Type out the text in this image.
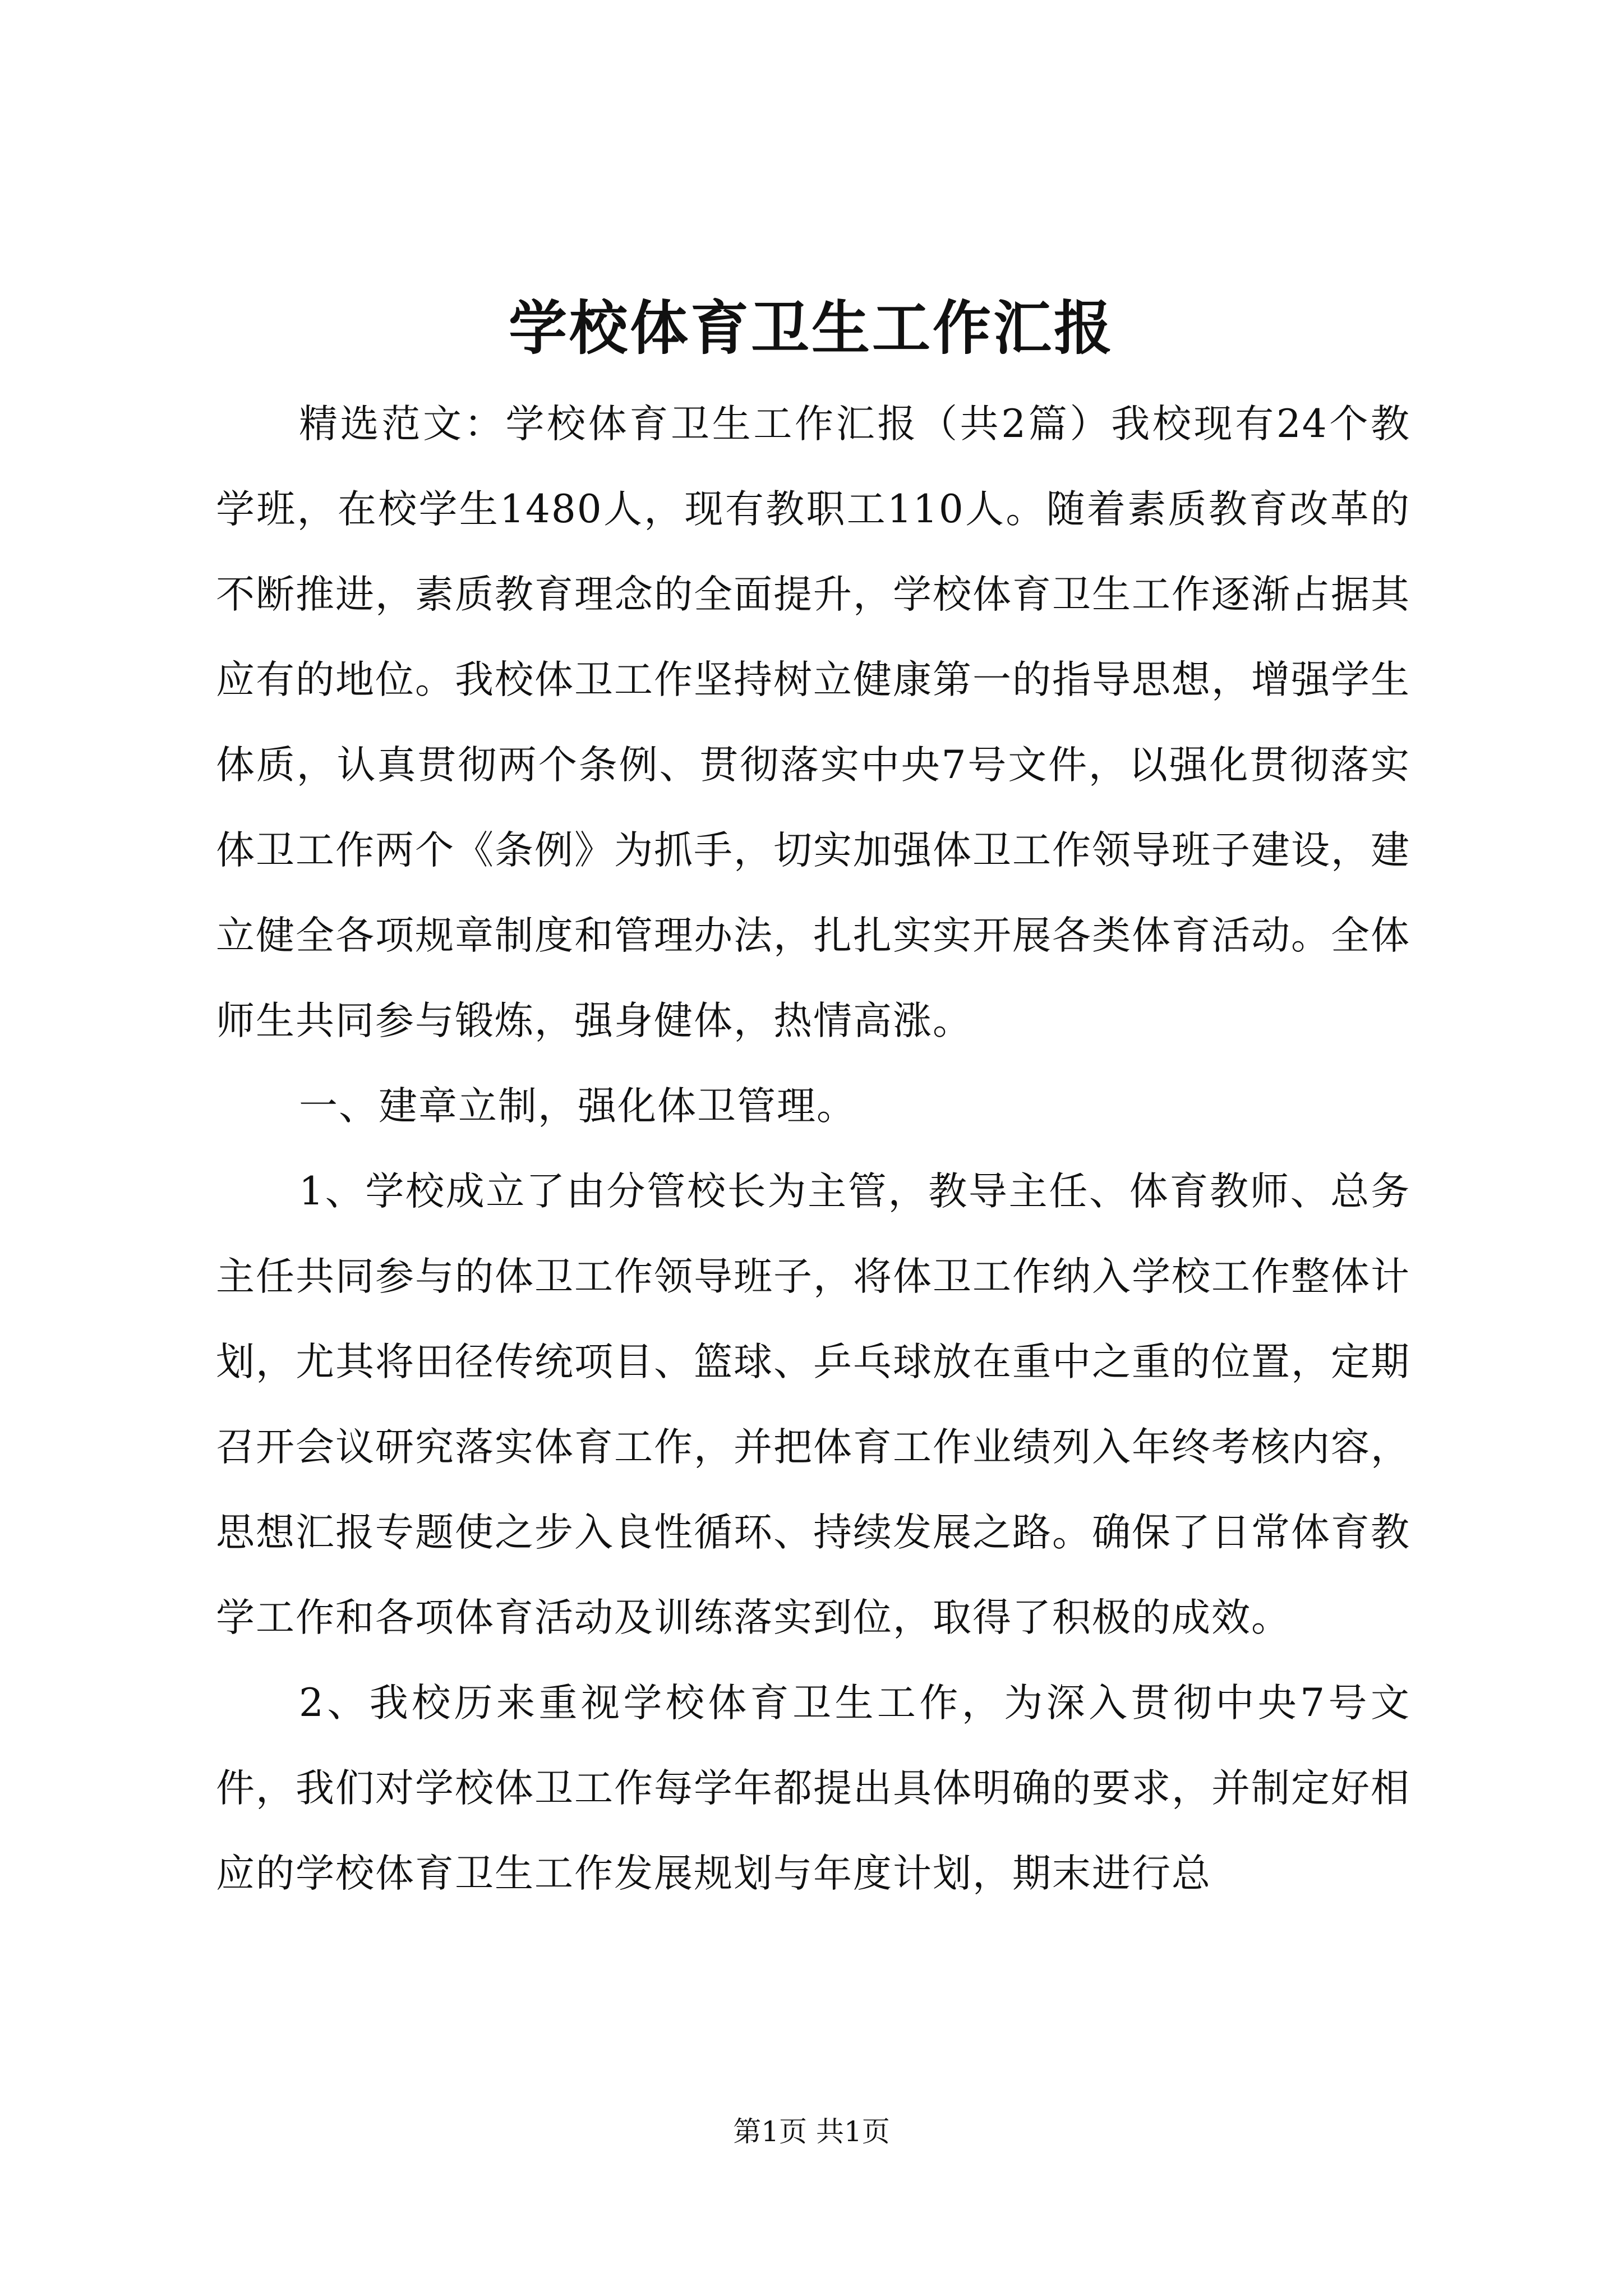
学校体育卫生工作汇报

精选范文：学校体育卫生工作汇报（共2篇）我校现有24个教学班，在校学生1480人，现有教职工110人。随着素质教育改革的不断推进，素质教育理念的全面提升，学校体育卫生工作逐渐占据其应有的地位。我校体卫工作坚持树立健康第一的指导思想，增强学生体质，认真贯彻两个条例、贯彻落实中央7号文件，以强化贯彻落实体卫工作两个《条例》为抓手，切实加强体卫工作领导班子建设，建立健全各项规章制度和管理办法，扎扎实实开展各类体育活动。全体师生共同参与锻炼，强身健体，热情高涨。

一、建章立制，强化体卫管理。

1、学校成立了由分管校长为主管，教导主任、体育教师、总务主任共同参与的体卫工作领导班子，将体卫工作纳入学校工作整体计划，尤其将田径传统项目、篮球、乒乓球放在重中之重的位置，定期召开会议研究落实体育工作，并把体育工作业绩列入年终考核内容，思想汇报专题使之步入良性循环、持续发展之路。确保了日常体育教学工作和各项体育活动及训练落实到位，取得了积极的成效。

2、我校历来重视学校体育卫生工作，为深入贯彻中央7号文件，我们对学校体卫工作每学年都提出具体明确的要求，并制定好相应的学校体育卫生工作发展规划与年度计划，期末进行总

第1页 共1页
